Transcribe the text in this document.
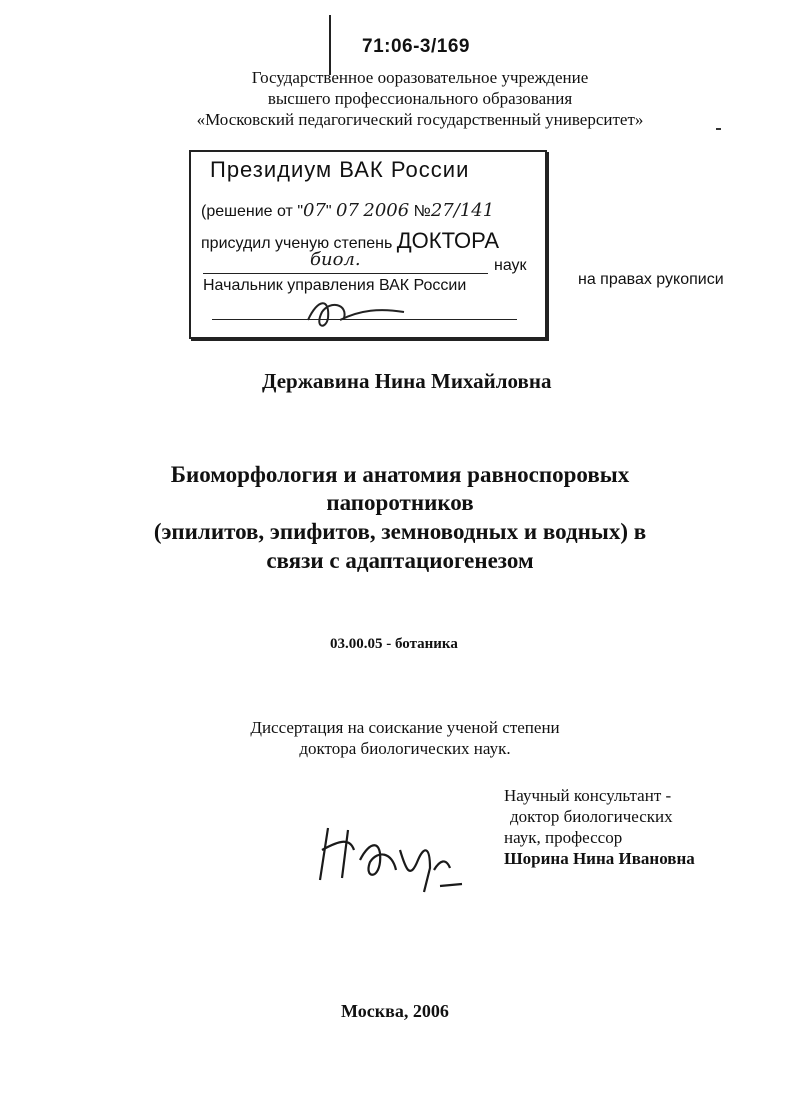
71:06-3/169
Государственное ооразовательное учреждение
высшего профессионального образования
«Московский педагогический государственный университет»
Президиум ВАК России
(решение от "07" 07 2006 №27/141
присудил ученую степень ДОКТОРА
биол.	наук
Начальник управления ВАК России	на правах рукописи
Державина Нина Михайловна
Биоморфология и анатомия равноспоровых
папоротников
(эпилитов, эпифитов, земноводных и водных) в
связи с адаптациогенезом
03.00.05 - ботаника
Диссертация на соискание ученой степени
доктора биологических наук.
Научный консультант -
доктор биологических
наук, профессор
Шорина Нина Ивановна
Москва, 2006
